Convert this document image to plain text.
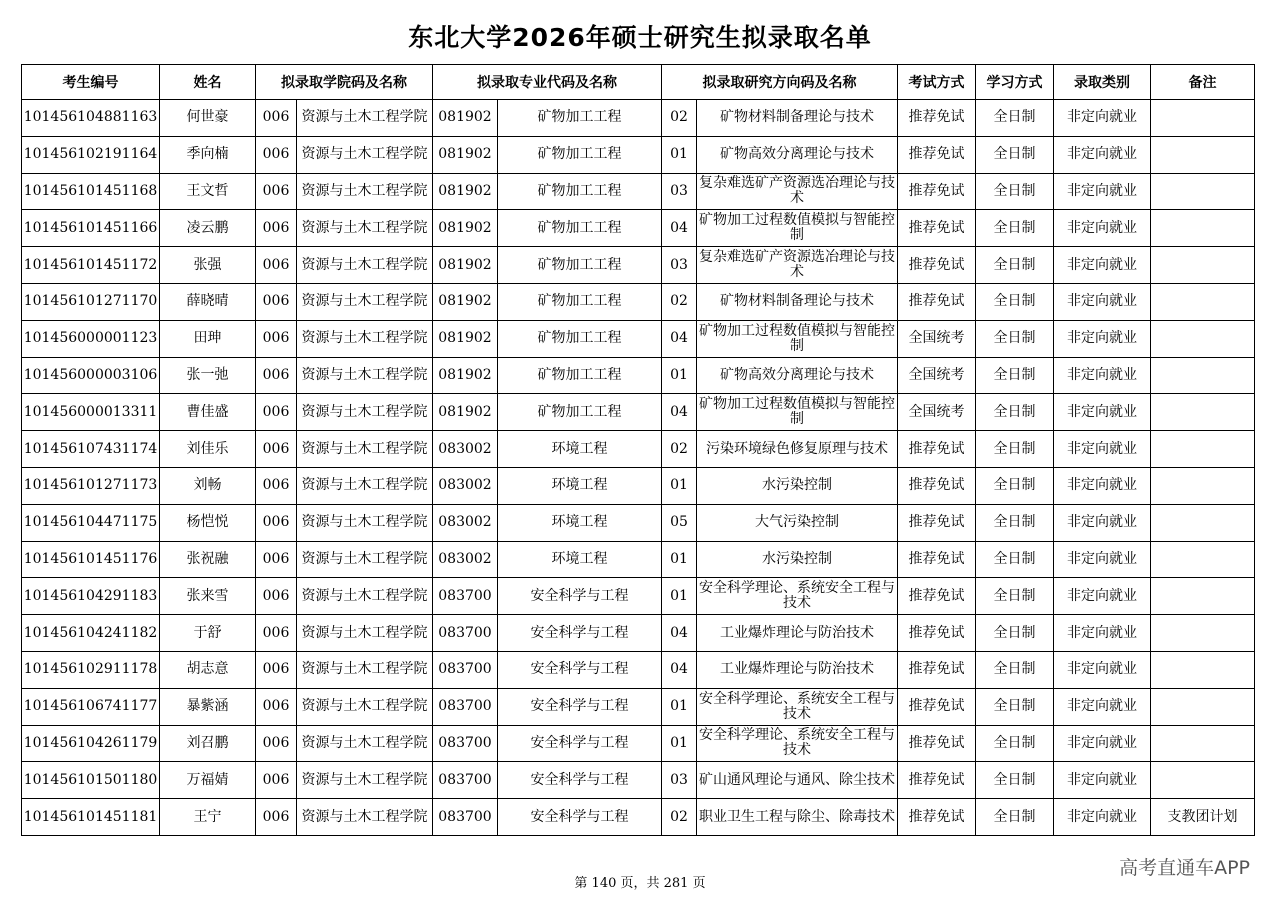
东北大学2026年硕士研究生拟录取名单
考生编号	姓名	拟录取学院码及名称		拟录取专业代码及名称		拟录取研究方向码及名称		考试方式	学习方式	录取类别	备注
101456104881163	何世豪	006	资源与土木工程学院	081902	矿物加工工程	02	矿物材料制备理论与技术	推荐免试	全日制	非定向就业	
101456102191164	季向楠	006	资源与土木工程学院	081902	矿物加工工程	01	矿物高效分离理论与技术	推荐免试	全日制	非定向就业	
101456101451168	王文哲	006	资源与土木工程学院	081902	矿物加工工程	03	复杂难选矿产资源选冶理论与技术	推荐免试	全日制	非定向就业	
101456101451166	凌云鹏	006	资源与土木工程学院	081902	矿物加工工程	04	矿物加工过程数值模拟与智能控制	推荐免试	全日制	非定向就业	
101456101451172	张强	006	资源与土木工程学院	081902	矿物加工工程	03	复杂难选矿产资源选冶理论与技术	推荐免试	全日制	非定向就业	
101456101271170	薛晓晴	006	资源与土木工程学院	081902	矿物加工工程	02	矿物材料制备理论与技术	推荐免试	全日制	非定向就业	
101456000001123	田珅	006	资源与土木工程学院	081902	矿物加工工程	04	矿物加工过程数值模拟与智能控制	全国统考	全日制	非定向就业	
101456000003106	张一弛	006	资源与土木工程学院	081902	矿物加工工程	01	矿物高效分离理论与技术	全国统考	全日制	非定向就业	
101456000013311	曹佳盛	006	资源与土木工程学院	081902	矿物加工工程	04	矿物加工过程数值模拟与智能控制	全国统考	全日制	非定向就业	
101456107431174	刘佳乐	006	资源与土木工程学院	083002	环境工程	02	污染环境绿色修复原理与技术	推荐免试	全日制	非定向就业	
101456101271173	刘畅	006	资源与土木工程学院	083002	环境工程	01	水污染控制	推荐免试	全日制	非定向就业	
101456104471175	杨恺悦	006	资源与土木工程学院	083002	环境工程	05	大气污染控制	推荐免试	全日制	非定向就业	
101456101451176	张祝融	006	资源与土木工程学院	083002	环境工程	01	水污染控制	推荐免试	全日制	非定向就业	
101456104291183	张来雪	006	资源与土木工程学院	083700	安全科学与工程	01	安全科学理论、系统安全工程与技术	推荐免试	全日制	非定向就业	
101456104241182	于舒	006	资源与土木工程学院	083700	安全科学与工程	04	工业爆炸理论与防治技术	推荐免试	全日制	非定向就业	
101456102911178	胡志意	006	资源与土木工程学院	083700	安全科学与工程	04	工业爆炸理论与防治技术	推荐免试	全日制	非定向就业	
101456106741177	暴紫涵	006	资源与土木工程学院	083700	安全科学与工程	01	安全科学理论、系统安全工程与技术	推荐免试	全日制	非定向就业	
101456104261179	刘召鹏	006	资源与土木工程学院	083700	安全科学与工程	01	安全科学理论、系统安全工程与技术	推荐免试	全日制	非定向就业	
101456101501180	万福婧	006	资源与土木工程学院	083700	安全科学与工程	03	矿山通风理论与通风、除尘技术	推荐免试	全日制	非定向就业	
101456101451181	王宁	006	资源与土木工程学院	083700	安全科学与工程	02	职业卫生工程与除尘、除毒技术	推荐免试	全日制	非定向就业	支教团计划
第 140 页，共 281 页
高考直通车APP
